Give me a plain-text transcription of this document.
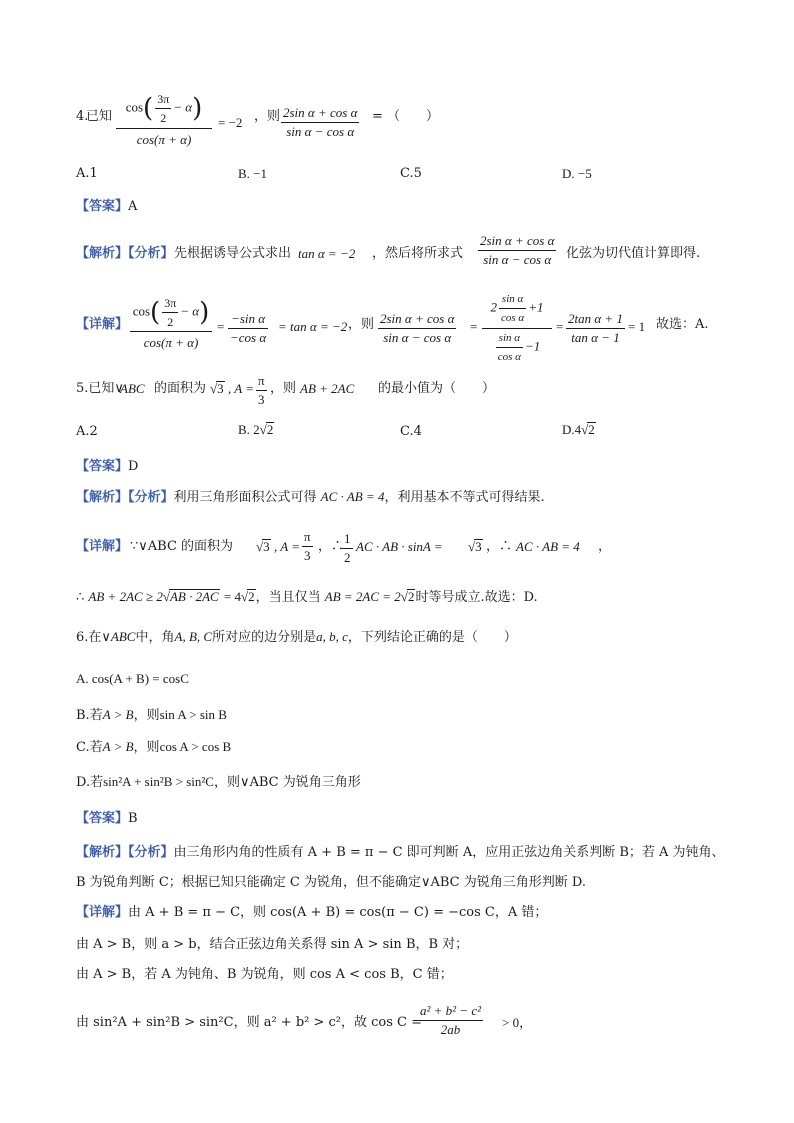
4.
已知 $\frac{\cos( \frac{3\pi}{2} - \alpha)}{\cos(\pi + \alpha)} = -2$ ，则 $\frac{\text{2sin α + cos α}}{\text{sin α − cos α}}$ = （　　）
A.1	B. −1	C.5	D. −5
【答案】A
【解析】【分析】 先根据诱导公式求出 tan α = −2 ，然后将所求式 $\frac{\text{2sin α + cos α}}{\text{sin α − cos α}}$ 化弦为切代值计算即得.
【详解】
$\cos( \frac{3\pi}{2} - \alpha)$
cos(π + α)
= $\frac{\text{−sin α}}{\text{−cos α}} = \tan \alpha = -2$ ，则 $\frac{\text{2sin α + cos α}}{\text{sin α − cos α}}$ =
$2 \frac{\text{sin α}}{\text{cos α}} +1$
$\frac{\text{sin α}}{\text{cos α}} -1$
= $\frac{\text{2tan α + 1}}{\text{tan α − 1}} = 1$ 故选：A.
5.已知∨
ABC 的面积为 √3 , $A = \frac{\pi}{3}$ ，则 AB + 2AC 的最小值为（　　）
A.2	B. 2√2	C.4	D.4√2
【答案】D
【解析】【分析】利用三角形面积公式可得 AC · AB = 4，利用基本不等式可得结果.
【详解】 ∵∨ABC 的面积为 √3 , $A = \frac{\pi}{3}$ ，∴
$\frac{1}{2}$ AC · AB · sinA = √3 ，∴ AC · AB = 4 ，
∴ AB + 2AC ≥ 2√AB · 2AC = 4√2，当且仅当 AB = 2AC = 2√2时等号成立.故选：D.
6.在∨ABC中，角A, B, C所对应的边分别是a, b, c，下列结论正确的是（　　）
A. cos(A + B) = cosC
B.若A > B，则sin A > sin B
C.若A > B，则cos A > cos B
D.若sin²A + sin²B > sin²C，则∨ABC 为锐角三角形
【答案】B
【解析】【分析】由三角形内角的性质有 A + B = π − C 即可判断 A，应用正弦边角关系判断 B；若 A 为钝角、
B 为锐角判断 C；根据已知只能确定 C 为锐角，但不能确定∨ABC 为锐角三角形判断 D.
【详解】由 A + B = π − C，则 cos(A + B) = cos(π − C) = −cos C，A 错；
由 A > B，则 a > b，结合正弦边角关系得 sin A > sin B，B 对；
由 A > B，若 A 为钝角、B 为锐角，则 cos A < cos B，C 错；
由 sin²A + sin²B > sin²C，则 a² + b² > c²，故 cos C =
$\frac{\text{a² + b² − c²}}{2ab} > 0$，
